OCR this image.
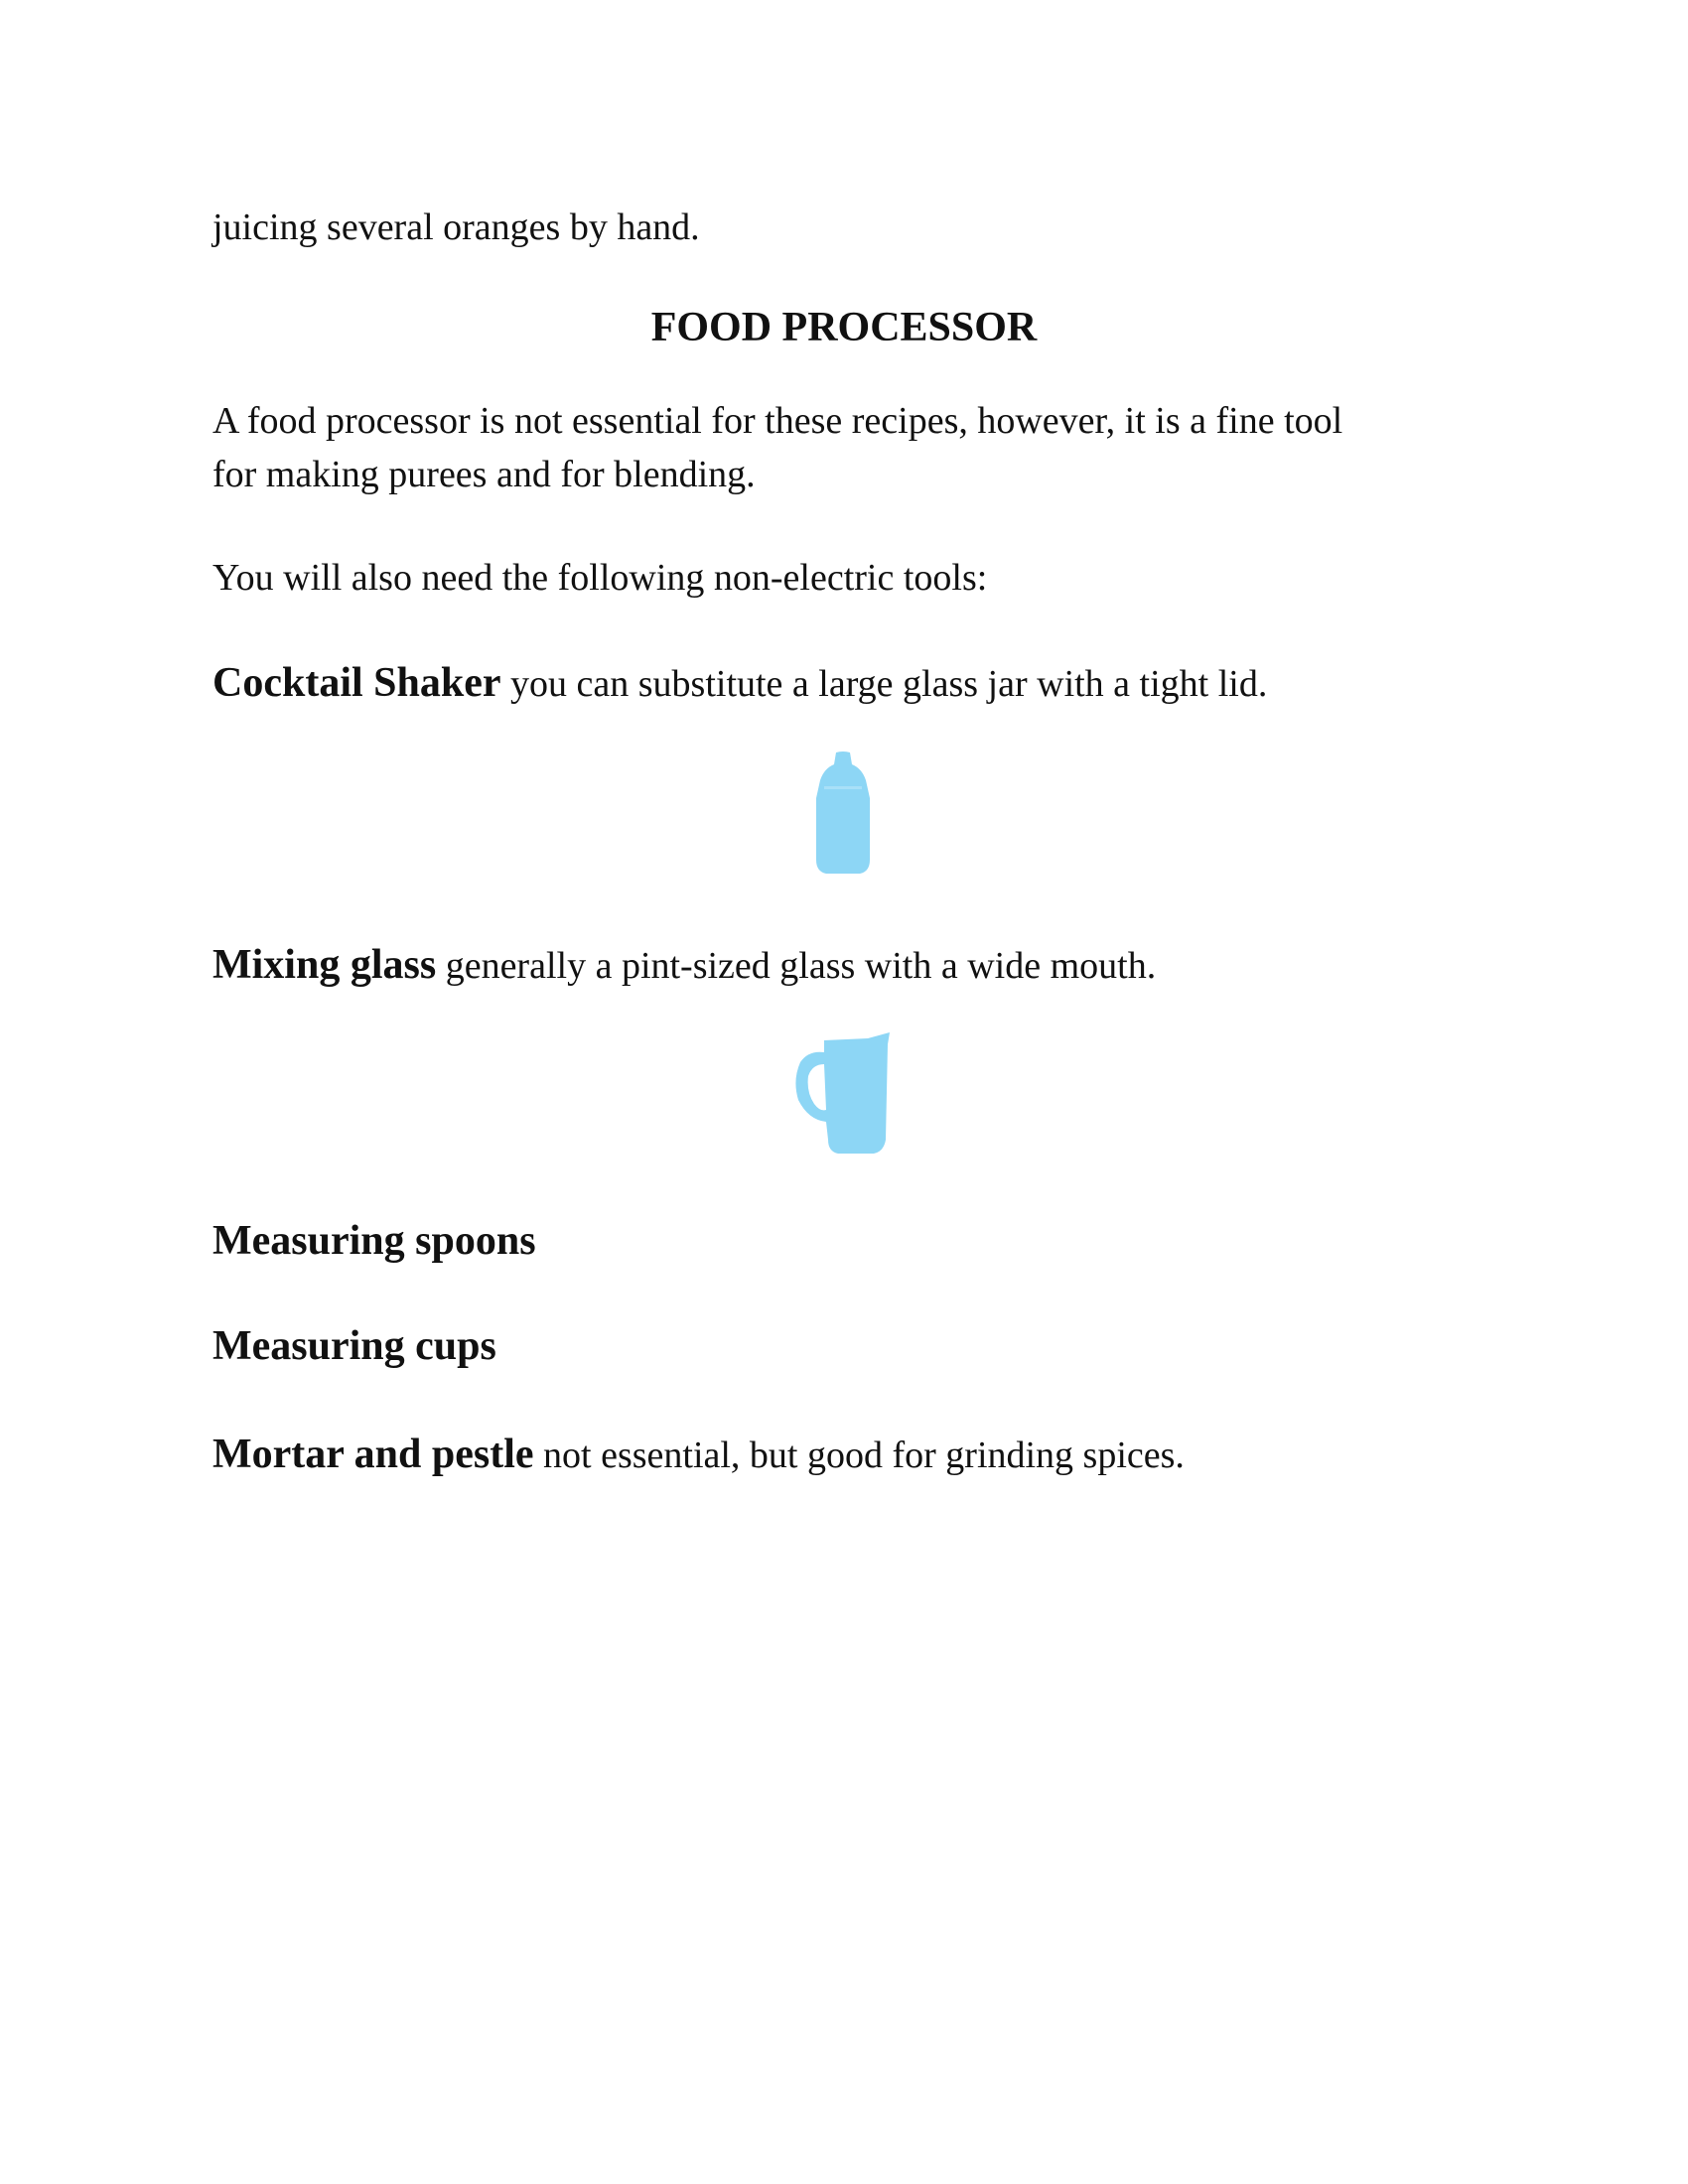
juicing several oranges by hand.
FOOD PROCESSOR
A food processor is not essential for these recipes, however, it is a fine tool
for making purees and for blending.
You will also need the following non-electric tools:
Cocktail Shaker you can substitute a large glass jar with a tight lid.
Mixing glass generally a pint-sized glass with a wide mouth.
Measuring spoons
Measuring cups
Mortar and pestle not essential, but good for grinding spices.
